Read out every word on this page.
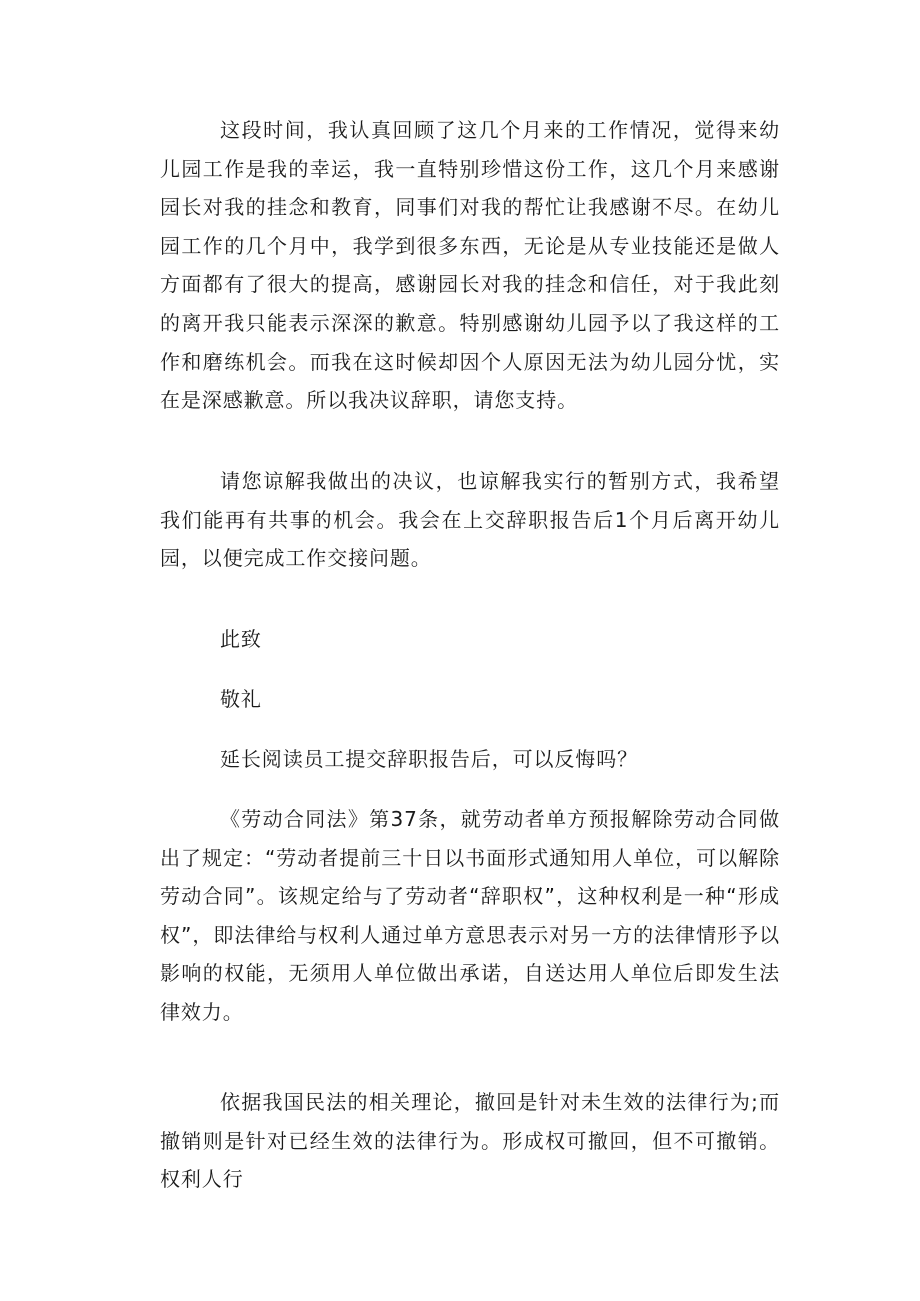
这段时间，我认真回顾了这几个月来的工作情况，觉得来幼儿园工作是我的幸运，我一直特别珍惜这份工作，这几个月来感谢园长对我的挂念和教育，同事们对我的帮忙让我感谢不尽。在幼儿园工作的几个月中，我学到很多东西，无论是从专业技能还是做人方面都有了很大的提高，感谢园长对我的挂念和信任，对于我此刻的离开我只能表示深深的歉意。特别感谢幼儿园予以了我这样的工作和磨练机会。而我在这时候却因个人原因无法为幼儿园分忧，实在是深感歉意。所以我决议辞职，请您支持。

请您谅解我做出的决议，也谅解我实行的暂别方式，我希望我们能再有共事的机会。我会在上交辞职报告后1个月后离开幼儿园，以便完成工作交接问题。

此致

敬礼

延长阅读员工提交辞职报告后，可以反悔吗？

《劳动合同法》第37条，就劳动者单方预报解除劳动合同做出了规定：“劳动者提前三十日以书面形式通知用人单位，可以解除劳动合同”。该规定给与了劳动者“辞职权”，这种权利是一种“形成权”，即法律给与权利人通过单方意思表示对另一方的法律情形予以影响的权能，无须用人单位做出承诺，自送达用人单位后即发生法律效力。

依据我国民法的相关理论，撤回是针对未生效的法律行为;而撤销则是针对已经生效的法律行为。形成权可撤回，但不可撤销。权利人行
